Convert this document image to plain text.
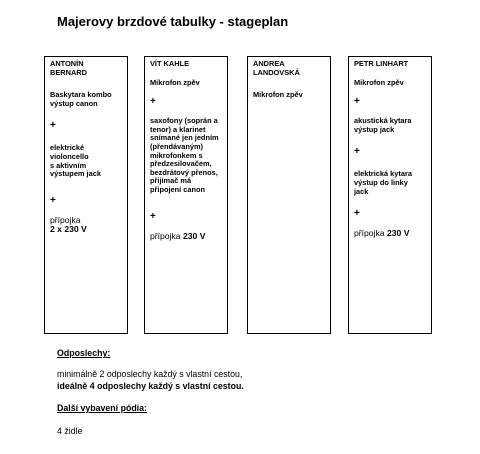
Majerovy brzdové tabulky - stageplan
ANTONÍN
BERNARD
Baskytara kombo
výstup canon
+
elektrické
violoncello
s aktivním
výstupem jack
+
přípojka
2 x 230 V
VÍT KAHLE
Mikrofon zpěv
+
saxofony (soprán a
tenor) a klarinet
snímané jen jedním
(přendávaným)
mikrofonkem s
předzesilovačem,
bezdrátový přenos,
přijímač má
připojení canon
+
přípojka 230 V
ANDREA
LANDOVSKÁ
Mikrofon zpěv
PETR LINHART
Mikrofon zpěv
+
akustická kytara
výstup jack
+
elektrická kytara
výstup do linky
jack
+
přípojka 230 V
Odposlechy:
minimálně 2 odposlechy každý s vlastní cestou,
ideálně 4 odposlechy každý s vlastní cestou.
Další vybavení pódia:
4 židle
